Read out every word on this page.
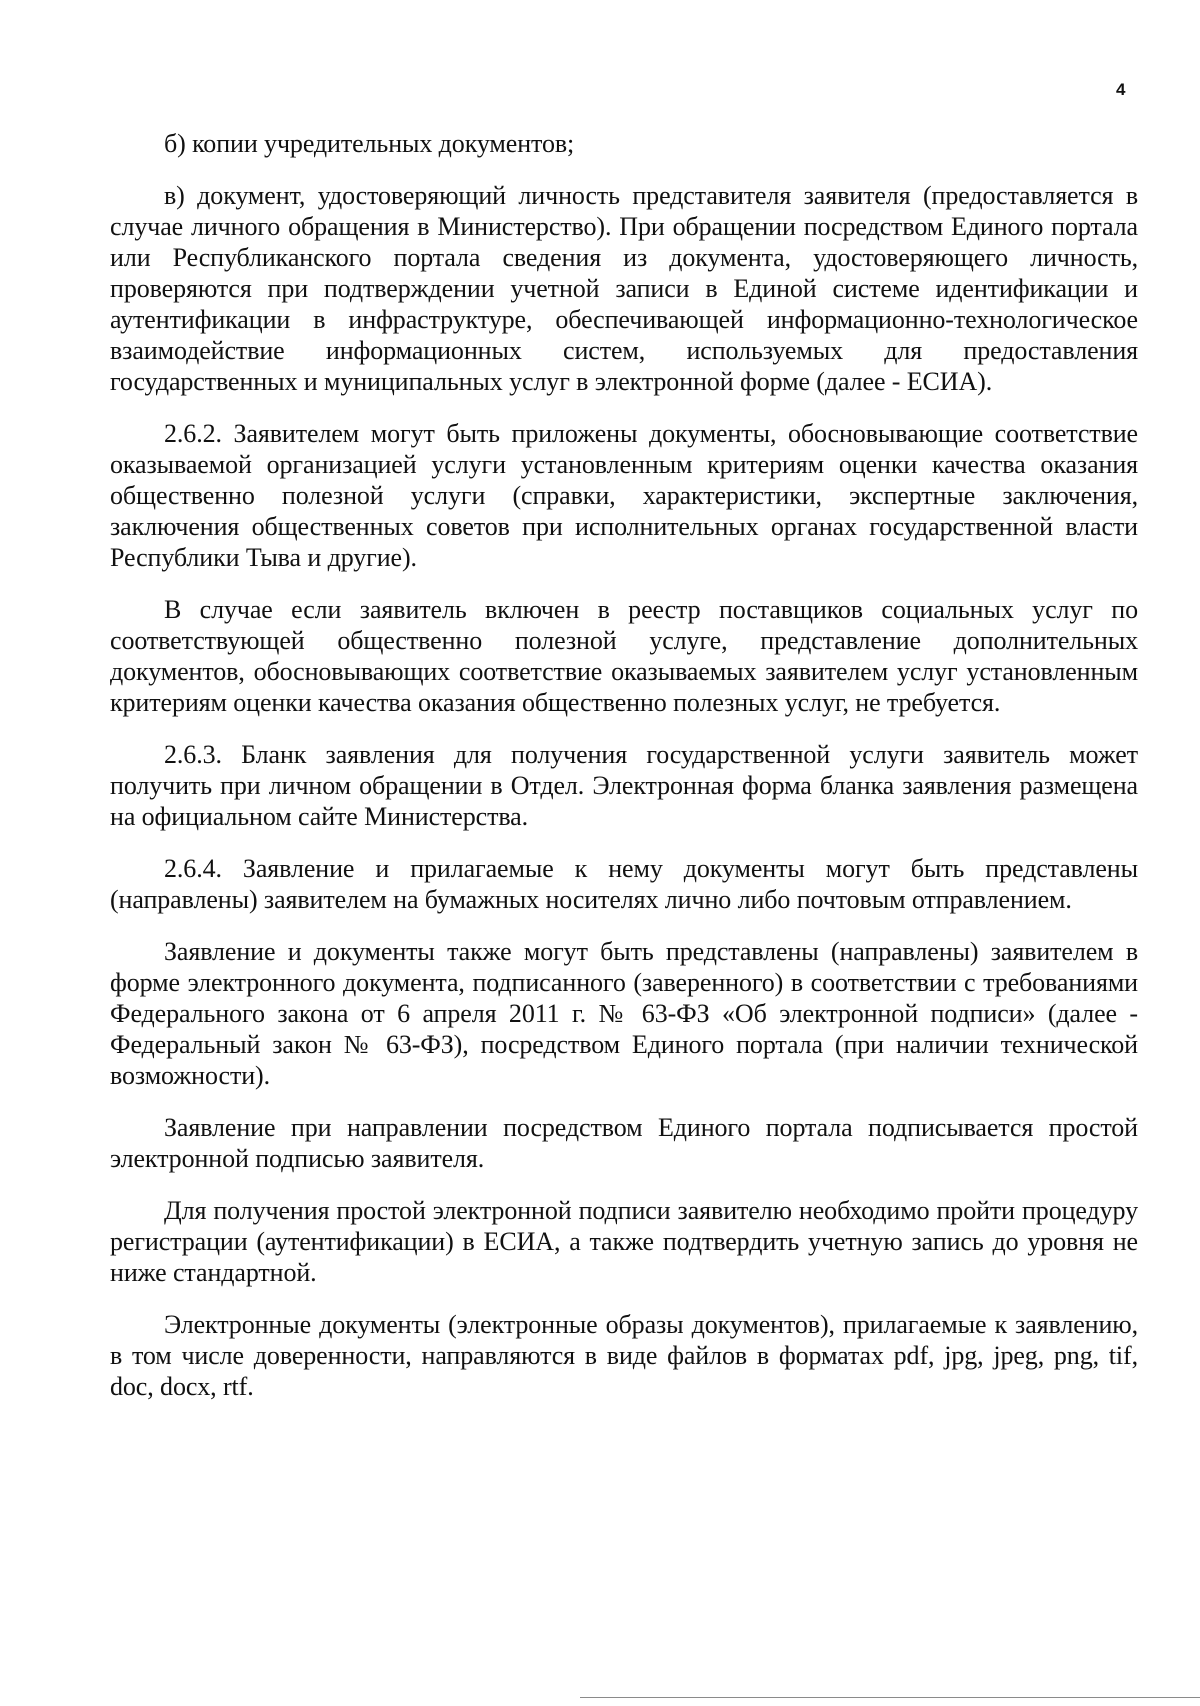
4

б) копии учредительных документов;

в) документ, удостоверяющий личность представителя заявителя (предоставляется в случае личного обращения в Министерство). При обращении посредством Единого портала или Республиканского портала сведения из документа, удостоверяющего личность, проверяются при подтверждении учетной записи в Единой системе идентификации и аутентификации в инфраструктуре, обеспечивающей информационно-технологическое взаимодействие информационных систем, используемых для предоставления государственных и муниципальных услуг в электронной форме (далее - ЕСИА).

2.6.2. Заявителем могут быть приложены документы, обосновывающие соответствие оказываемой организацией услуги установленным критериям оценки качества оказания общественно полезной услуги (справки, характеристики, экспертные заключения, заключения общественных советов при исполнительных органах государственной власти Республики Тыва и другие).

В случае если заявитель включен в реестр поставщиков социальных услуг по соответствующей общественно полезной услуге, представление дополнительных документов, обосновывающих соответствие оказываемых заявителем услуг установленным критериям оценки качества оказания общественно полезных услуг, не требуется.

2.6.3. Бланк заявления для получения государственной услуги заявитель может получить при личном обращении в Отдел. Электронная форма бланка заявления размещена на официальном сайте Министерства.

2.6.4. Заявление и прилагаемые к нему документы могут быть представлены (направлены) заявителем на бумажных носителях лично либо почтовым отправлением.

Заявление и документы также могут быть представлены (направлены) заявителем в форме электронного документа, подписанного (заверенного) в соответствии с требованиями Федерального закона от 6 апреля 2011 г. № 63-ФЗ «Об электронной подписи» (далее - Федеральный закон № 63-ФЗ), посредством Единого портала (при наличии технической возможности).

Заявление при направлении посредством Единого портала подписывается простой электронной подписью заявителя.

Для получения простой электронной подписи заявителю необходимо пройти процедуру регистрации (аутентификации) в ЕСИА, а также подтвердить учетную запись до уровня не ниже стандартной.

Электронные документы (электронные образы документов), прилагаемые к заявлению, в том числе доверенности, направляются в виде файлов в форматах pdf, jpg, jpeg, png, tif, doc, docx, rtf.
